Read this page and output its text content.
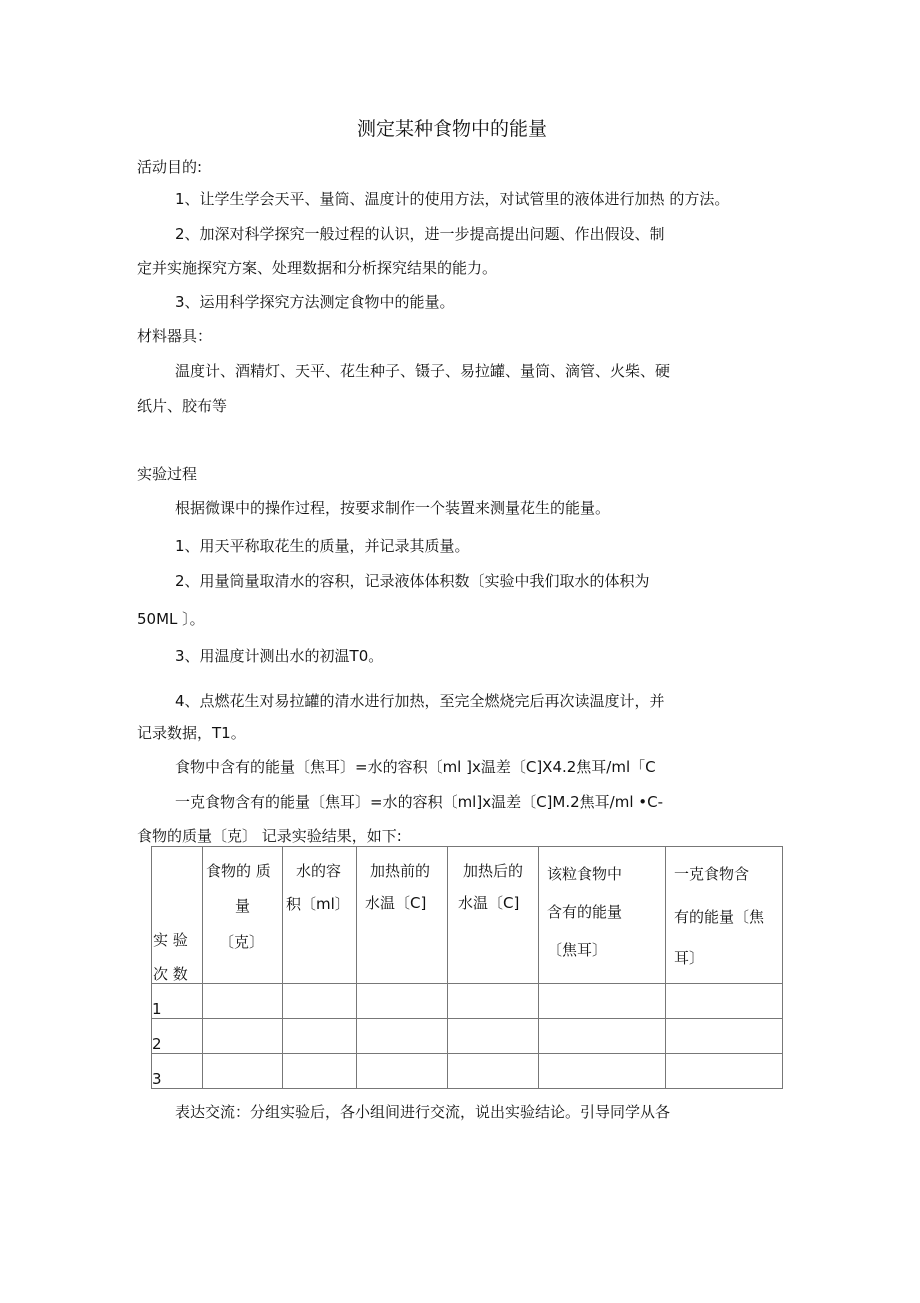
测定某种食物中的能量
活动目的:
1、让学生学会天平、量筒、温度计的使用方法，对试管里的液体进行加热 的方法。
2、加深对科学探究一般过程的认识，进一步提高提出问题、作出假设、制
定并实施探究方案、处理数据和分析探究结果的能力。
3、运用科学探究方法测定食物中的能量。
材料器具：
温度计、酒精灯、天平、花生种子、镊子、易拉罐、量筒、滴管、火柴、硬
纸片、胶布等
实验过程
根据微课中的操作过程，按要求制作一个装置来测量花生的能量。
1、用天平称取花生的质量，并记录其质量。
2、用量筒量取清水的容积，记录液体体积数〔实验中我们取水的体积为
50ML 〕。
3、用温度计测出水的初温T0。
4、点燃花生对易拉罐的清水进行加热，至完全燃烧完后再次读温度计，并
记录数据，T1。
食物中含有的能量〔焦耳〕=水的容积〔ml ]x温差〔C]X4.2焦耳/ml「C
一克食物含有的能量〔焦耳〕=水的容积〔ml]x温差〔C]M.2焦耳/ml •C-
食物的质量〔克〕 记录实验结果，如下:
实 验
次 数	食物的 质
量
〔克〕	水的容
积〔ml〕	加热前的
水温〔C]	加热后的
水温〔C]	该粒食物中
含有的能量
〔焦耳〕	一克食物含
有的能量〔焦
耳〕

1						

2						

3						

表达交流：分组实验后，各小组间进行交流，说出实验结论。引导同学从各
